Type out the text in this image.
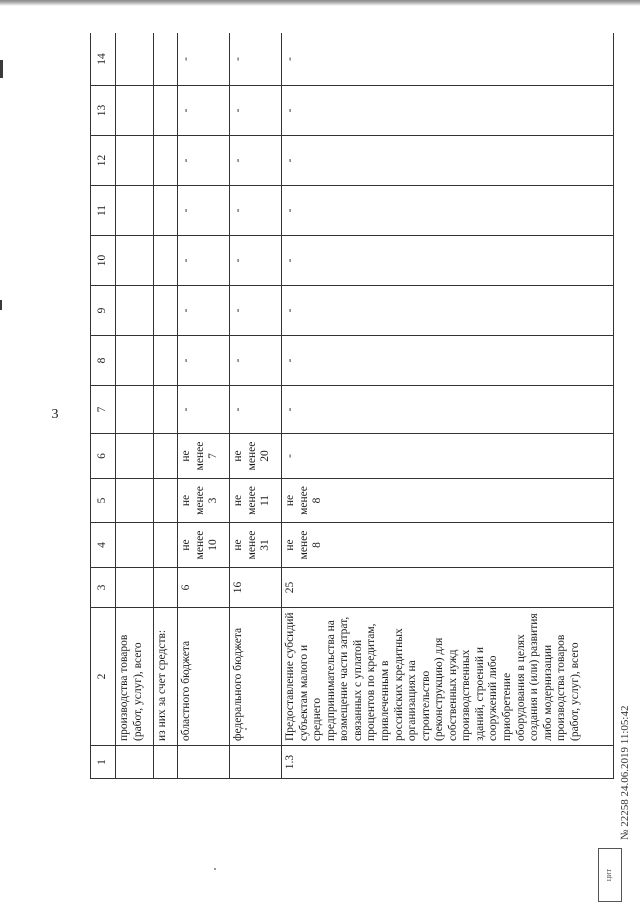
3
1	2	3	4	5	6	7	8	9	10	11	12	13	14
	производства товаров (работ, услуг), всего												
	из них за счет средств:												
	областного бюджета	6	не менее 10	не менее 3	не менее 7	-	-	-	-	-	-	-	-
	федерального бюджета	16	не менее 31	не менее 11	не менее 20	-	-	-	-	-	-	-	-
1.3	Предоставление субсидий субъектам малого и среднего предпринимательства на возмещение части затрат, связанных с уплатой процентов по кредитам, привлеченным в российских кредитных организациях на строительство (реконструкцию) для собственных нужд производственных зданий, строений и сооружений либо приобретение оборудования в целях создания и (или) развития либо модернизации производства товаров (работ, услуг), всего	25	не менее 8	не менее 8	-	-	-	-	-	-	-	-	-
№ 22258 24.06.2019 11:05:42
ЦИТ
